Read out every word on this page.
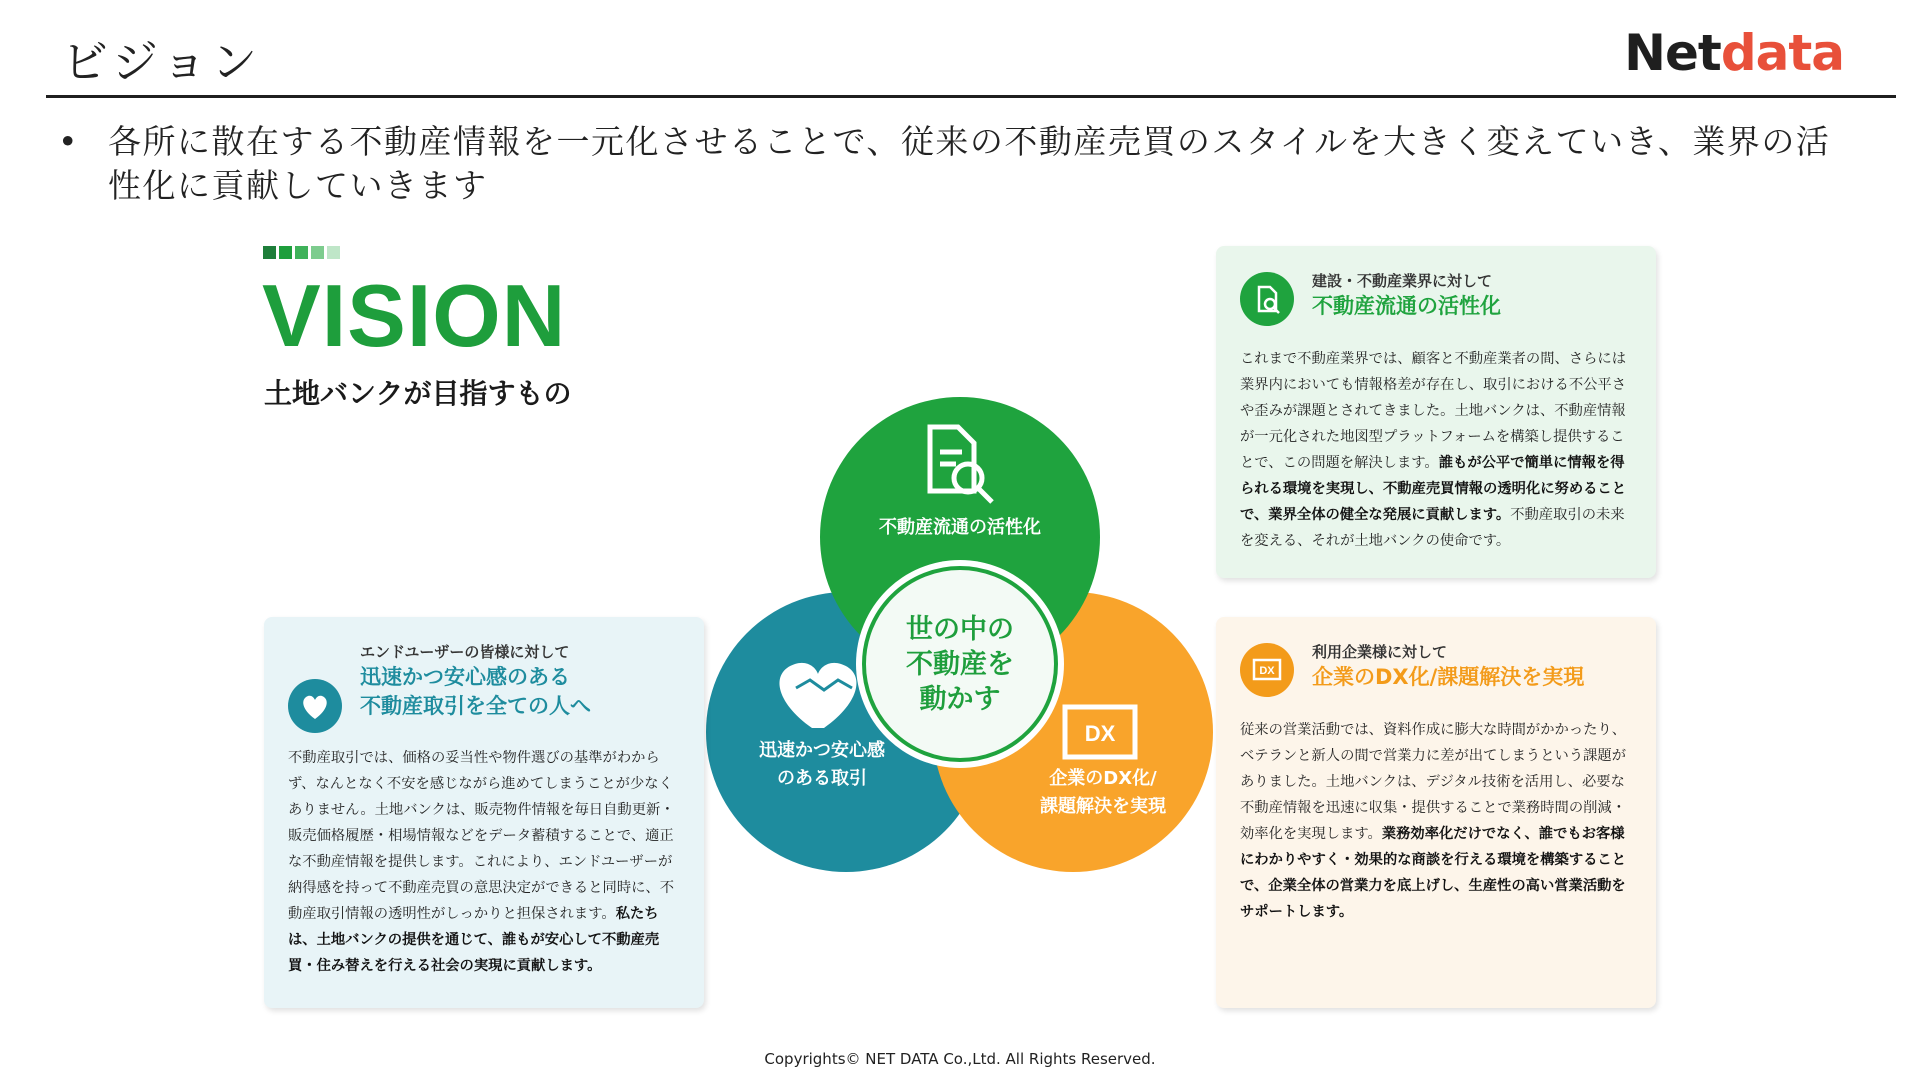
ビジョン	Netdata
• 各所に散在する不動産情報を一元化させることで、従来の不動産売買のスタイルを大きく変えていき、業界の活性化に貢献していきます
VISION
土地バンクが目指すもの
世の中の
不動産を
動かす
不動産流通の活性化
迅速かつ安心感
のある取引
DX
企業のDX化/
課題解決を実現
建設・不動産業界に対して
不動産流通の活性化
これまで不動産業界では、顧客と不動産業者の間、さらには業界内においても情報格差が存在し、取引における不公平さや歪みが課題とされてきました。土地バンクは、不動産情報が一元化された地図型プラットフォームを構築し提供することで、この問題を解決します。誰もが公平で簡単に情報を得られる環境を実現し、不動産売買情報の透明化に努めることで、業界全体の健全な発展に貢献します。不動産取引の未来を変える、それが土地バンクの使命です。
エンドユーザーの皆様に対して
迅速かつ安心感のある
不動産取引を全ての人へ
不動産取引では、価格の妥当性や物件選びの基準がわからず、なんとなく不安を感じながら進めてしまうことが少なくありません。土地バンクは、販売物件情報を毎日自動更新・販売価格履歴・相場情報などをデータ蓄積することで、適正な不動産情報を提供します。これにより、エンドユーザーが納得感を持って不動産売買の意思決定ができると同時に、不動産取引情報の透明性がしっかりと担保されます。私たちは、土地バンクの提供を通じて、誰もが安心して不動産売買・住み替えを行える社会の実現に貢献します。
DX
利用企業様に対して
企業のDX化/課題解決を実現
従来の営業活動では、資料作成に膨大な時間がかかったり、ベテランと新人の間で営業力に差が出てしまうという課題がありました。土地バンクは、デジタル技術を活用し、必要な不動産情報を迅速に収集・提供することで業務時間の削減・効率化を実現します。業務効率化だけでなく、誰でもお客様にわかりやすく・効果的な商談を行える環境を構築することで、企業全体の営業力を底上げし、生産性の高い営業活動をサポートします。
Copyrights© NET DATA Co.,Ltd. All Rights Reserved.
